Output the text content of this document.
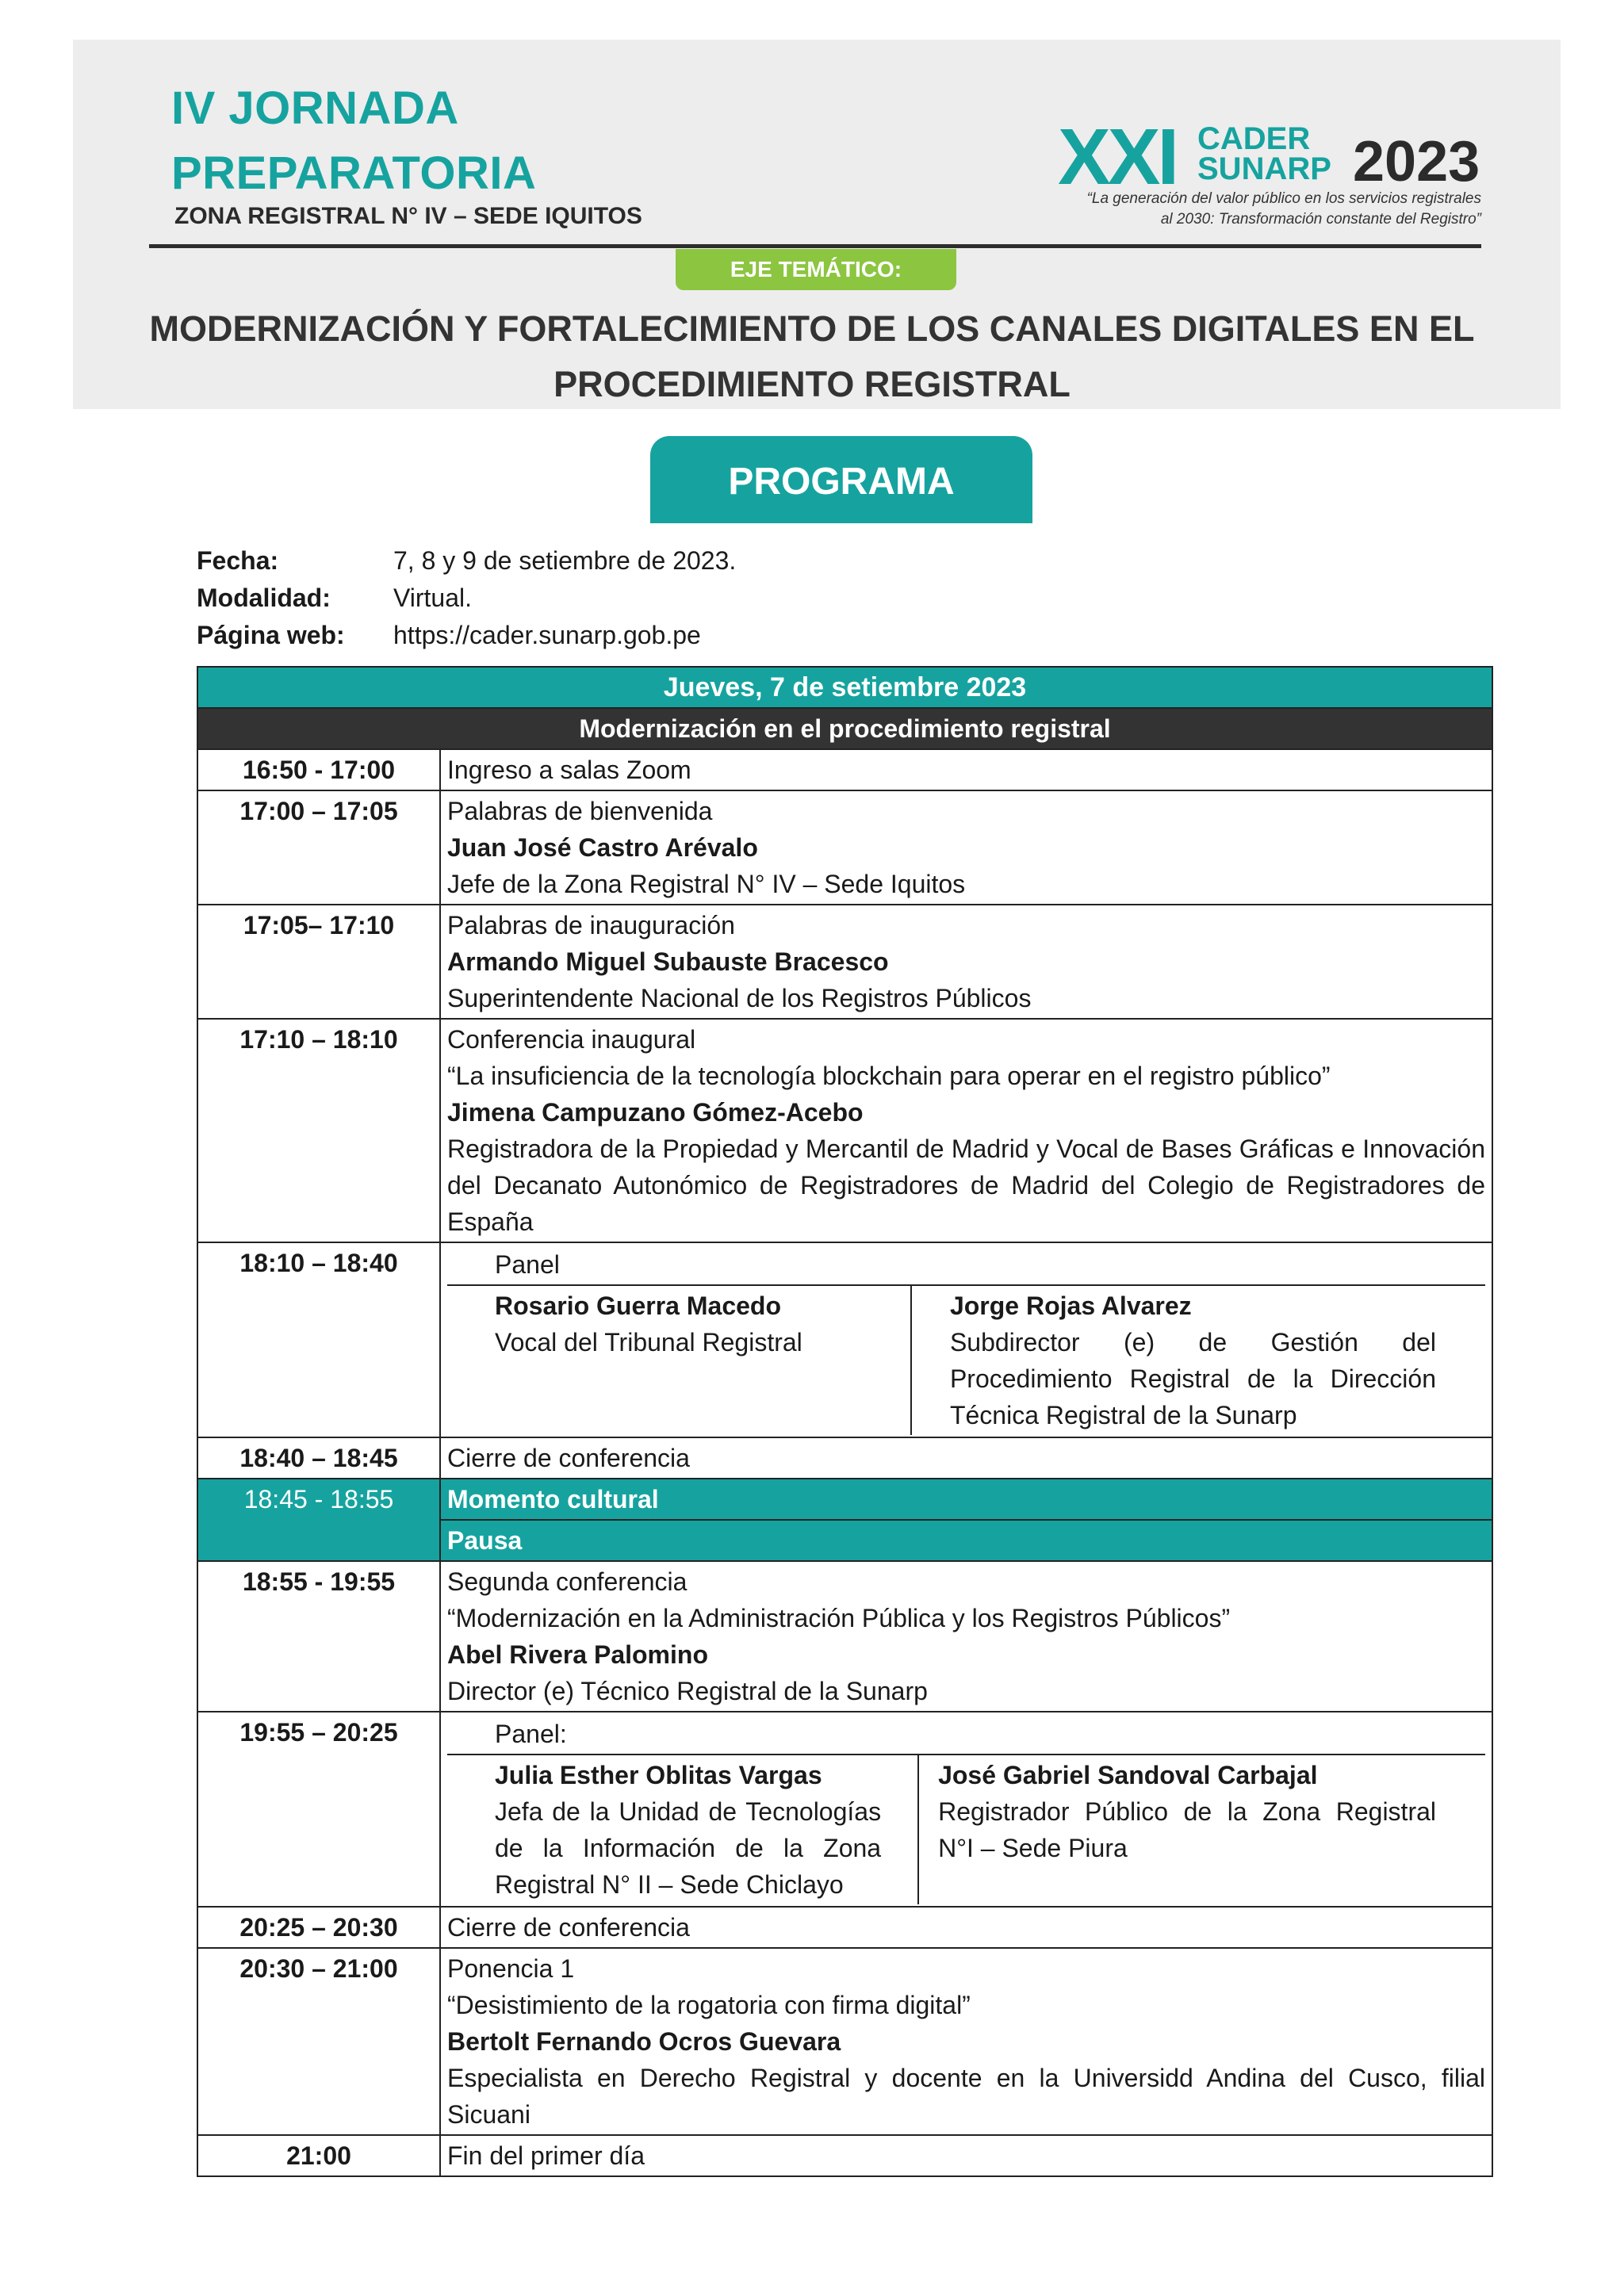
IV JORNADA
PREPARATORIA
ZONA REGISTRAL N° IV – SEDE IQUITOS
XXI CADER
SUNARP 2023
“La generación del valor público en los servicios registrales
al 2030: Transformación constante del Registro”
EJE TEMÁTICO:
MODERNIZACIÓN Y FORTALECIMIENTO DE LOS CANALES DIGITALES EN EL
PROCEDIMIENTO REGISTRAL
PROGRAMA
Fecha:	7, 8 y 9 de setiembre de 2023.
Modalidad:	Virtual.
Página web:	https://cader.sunarp.gob.pe
Jueves, 7 de setiembre 2023	
Modernización en el procedimiento registral	
16:50 - 17:00	Ingreso a salas Zoom
17:00 – 17:05	Palabras de bienvenida
Juan José Castro Arévalo
Jefe de la Zona Registral N° IV – Sede Iquitos

17:05– 17:10	Palabras de inauguración
Armando Miguel Subauste Bracesco
Superintendente Nacional de los Registros Públicos

17:10 – 18:10	Conferencia inaugural
“La insuficiencia de la tecnología blockchain para operar en el registro público”
Jimena Campuzano Gómez-Acebo
Registradora de la Propiedad y Mercantil de Madrid y Vocal de Bases Gráficas e Innovación del Decanato Autonómico de Registradores de Madrid del Colegio de Registradores de España

18:10 – 18:40	Panel
Rosario Guerra Macedo
Vocal del Tribunal Registral
Jorge Rojas Alvarez
Subdirector (e) de Gestión del Procedimiento Registral de la Dirección Técnica Registral de la Sunarp

18:40 – 18:45	Cierre de conferencia
18:45 - 18:55	Momento cultural
	Pausa
18:55 - 19:55	Segunda conferencia
“Modernización en la Administración Pública y los Registros Públicos”
Abel Rivera Palomino
Director (e) Técnico Registral de la Sunarp

19:55 – 20:25	Panel:
Julia Esther Oblitas Vargas
Jefa de la Unidad de Tecnologías de la Información de la Zona Registral N° II – Sede Chiclayo
José Gabriel Sandoval Carbajal
Registrador Público de la Zona Registral N°I – Sede Piura

20:25 – 20:30	Cierre de conferencia
20:30 – 21:00	Ponencia 1
“Desistimiento de la rogatoria con firma digital”
Bertolt Fernando Ocros Guevara
Especialista en Derecho Registral y docente en la Universidd Andina del Cusco, filial Sicuani

21:00	Fin del primer día
